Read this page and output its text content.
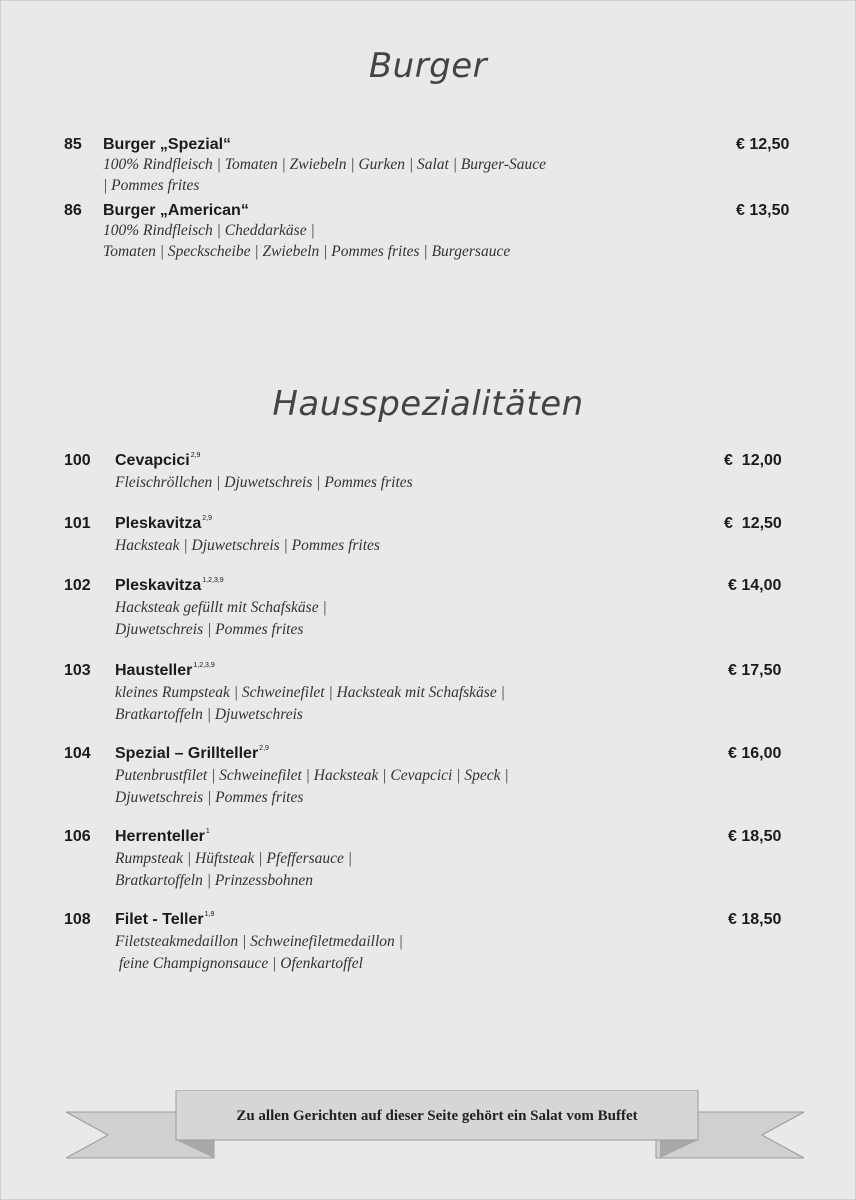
Burger
85 Burger „Spezial“	€ 12,50
100% Rindfleisch | Tomaten | Zwiebeln | Gurken | Salat | Burger-Sauce
| Pommes frites
86 Burger „American“	€ 13,50
100% Rindfleisch | Cheddarkäse |
Tomaten | Speckscheibe | Zwiebeln | Pommes frites | Burgersauce
Hausspezialitäten
100 Cevapcici$^{2,9}$	€  12,00
Fleischröllchen | Djuwetschreis | Pommes frites
101 Pleskavitza$^{2,9}$	€  12,50
Hacksteak | Djuwetschreis | Pommes frites
102 Pleskavitza$^{1,2,3,9}$	€ 14,00
Hacksteak gefüllt mit Schafskäse |
Djuwetschreis | Pommes frites
103 Hausteller$^{1,2,3,9}$	€ 17,50
kleines Rumpsteak | Schweinefilet | Hacksteak mit Schafskäse |
Bratkartoffeln | Djuwetschreis
104 Spezial – Grillteller$^{2,9}$	€ 16,00
Putenbrustfilet | Schweinefilet | Hacksteak | Cevapcici | Speck |
Djuwetschreis | Pommes frites
106 Herrenteller$^1$	€ 18,50
Rumpsteak | Hüftsteak | Pfeffersauce |
Bratkartoffeln | Prinzessbohnen
108 Filet - Teller$^{1,9}$	€ 18,50
Filetsteakmedaillon | Schweinefiletmedaillon |
feine Champignonsauce | Ofenkartoffel
Zu allen Gerichten auf dieser Seite gehört ein Salat vom Buffet
